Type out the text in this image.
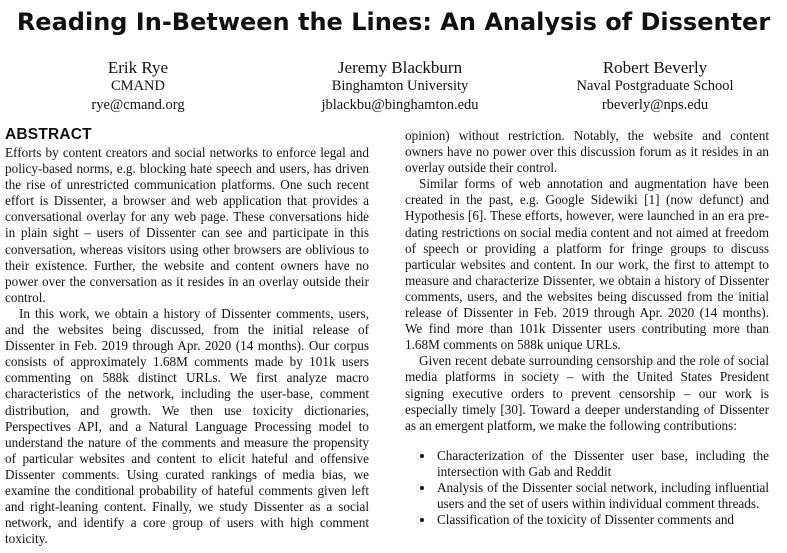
Reading In-Between the Lines: An Analysis of Dissenter
Erik Rye
CMAND
rye@cmand.org
Jeremy Blackburn
Binghamton University
jblackbu@binghamton.edu
Robert Beverly
Naval Postgraduate School
rbeverly@nps.edu
ABSTRACT

Efforts by content creators and social networks to enforce legal and policy-based norms, e.g. blocking hate speech and users, has driven the rise of unrestricted communication platforms. One such recent effort is Dissenter, a browser and web application that provides a conversational overlay for any web page. These conversations hide in plain sight – users of Dissenter can see and participate in this conversation, whereas visitors using other browsers are oblivious to their existence. Further, the website and content owners have no power over the conversation as it resides in an overlay outside their control.

In this work, we obtain a history of Dissenter comments, users, and the websites being discussed, from the initial release of Dissenter in Feb. 2019 through Apr. 2020 (14 months). Our corpus consists of approximately 1.68M comments made by 101k users commenting on 588k distinct URLs. We first analyze macro characteristics of the network, including the user-base, comment distribution, and growth. We then use toxicity dictionaries, Perspectives API, and a Natural Language Processing model to understand the nature of the comments and measure the propensity of particular websites and content to elicit hateful and offensive Dissenter comments. Using curated rankings of media bias, we examine the conditional probability of hateful comments given left and right-leaning content. Finally, we study Dissenter as a social network, and identify a core group of users with high comment toxicity.

opinion) without restriction. Notably, the website and content owners have no power over this discussion forum as it resides in an overlay outside their control.

Similar forms of web annotation and augmentation have been created in the past, e.g. Google Sidewiki [1] (now defunct) and Hypothesis [6]. These efforts, however, were launched in an era pre-dating restrictions on social media content and not aimed at freedom of speech or providing a platform for fringe groups to discuss particular websites and content. In our work, the first to attempt to measure and characterize Dissenter, we obtain a history of Dissenter comments, users, and the websites being discussed from the initial release of Dissenter in Feb. 2019 through Apr. 2020 (14 months). We find more than 101k Dissenter users contributing more than 1.68M comments on 588k unique URLs.

Given recent debate surrounding censorship and the role of social media platforms in society – with the United States President signing executive orders to prevent censorship – our work is especially timely [30]. Toward a deeper understanding of Dissenter as an emergent platform, we make the following contributions:

• Characterization of the Dissenter user base, including the intersection with Gab and Reddit
• Analysis of the Dissenter social network, including influential users and the set of users within individual comment threads.
• Classification of the toxicity of Dissenter comments and
